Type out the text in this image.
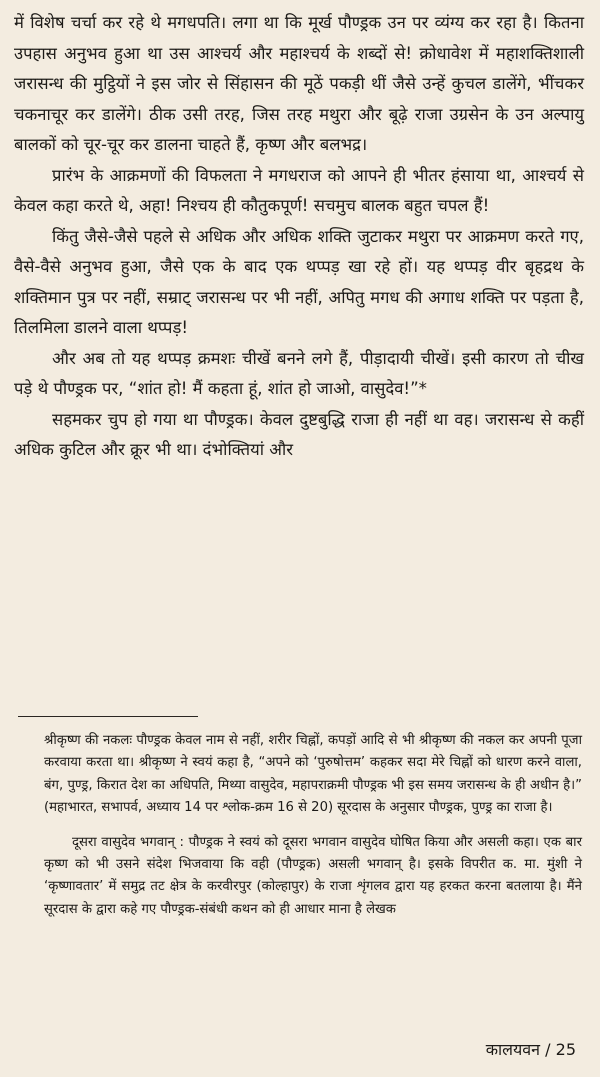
में विशेष चर्चा कर रहे थे मगधपति। लगा था कि मूर्ख पौण्ड्रक उन पर व्यंग्य कर रहा है। कितना उपहास अनुभव हुआ था उस आश्चर्य और महाश्चर्य के शब्दों से! क्रोधावेश में महाशक्तिशाली जरासन्ध की मुट्ठियों ने इस जोर से सिंहासन की मूठें पकड़ी थीं जैसे उन्हें कुचल डालेंगे, भींचकर चकनाचूर कर डालेंगे। ठीक उसी तरह, जिस तरह मथुरा और बूढ़े राजा उग्रसेन के उन अल्पायु बालकों को चूर-चूर कर डालना चाहते हैं, कृष्ण और बलभद्र।

प्रारंभ के आक्रमणों की विफलता ने मगधराज को आपने ही भीतर हंसाया था, आश्चर्य से केवल कहा करते थे, अहा! निश्चय ही कौतुकपूर्ण! सचमुच बालक बहुत चपल हैं!

किंतु जैसे-जैसे पहले से अधिक और अधिक शक्ति जुटाकर मथुरा पर आक्रमण करते गए, वैसे-वैसे अनुभव हुआ, जैसे एक के बाद एक थप्पड़ खा रहे हों। यह थप्पड़ वीर बृहद्रथ के शक्तिमान पुत्र पर नहीं, सम्राट् जरासन्ध पर भी नहीं, अपितु मगध की अगाध शक्ति पर पड़ता है, तिलमिला डालने वाला थप्पड़!

और अब तो यह थप्पड़ क्रमशः चीखें बनने लगे हैं, पीड़ादायी चीखें। इसी कारण तो चीख पड़े थे पौण्ड्रक पर, “शांत हो! मैं कहता हूं, शांत हो जाओ, वासुदेव!”*

सहमकर चुप हो गया था पौण्ड्रक। केवल दुष्टबुद्धि राजा ही नहीं था वह। जरासन्ध से कहीं अधिक कुटिल और क्रूर भी था। दंभोक्तियां और

श्रीकृष्ण की नकलः पौण्ड्रक केवल नाम से नहीं, शरीर चिह्नों, कपड़ों आदि से भी श्रीकृष्ण की नकल कर अपनी पूजा करवाया करता था। श्रीकृष्ण ने स्वयं कहा है, “अपने को ‘पुरुषोत्तम’ कहकर सदा मेरे चिह्नों को धारण करने वाला, बंग, पुण्ड्र, किरात देश का अधिपति, मिथ्या वासुदेव, महापराक्रमी पौण्ड्रक भी इस समय जरासन्ध के ही अधीन है।” (महाभारत, सभापर्व, अध्याय 14 पर श्लोक-क्रम 16 से 20) सूरदास के अनुसार पौण्ड्रक, पुण्ड्र का राजा है।

दूसरा वासुदेव भगवान् : पौण्ड्रक ने स्वयं को दूसरा भगवान वासुदेव घोषित किया और असली कहा। एक बार कृष्ण को भी उसने संदेश भिजवाया कि वही (पौण्ड्रक) असली भगवान् है। इसके विपरीत क. मा. मुंशी ने ‘कृष्णावतार’ में समुद्र तट क्षेत्र के करवीरपुर (कोल्हापुर) के राजा शृंगलव द्वारा यह हरकत करना बतलाया है। मैंने सूरदास के द्वारा कहे गए पौण्ड्रक-संबंधी कथन को ही आधार माना है लेखक

कालयवन / 25
